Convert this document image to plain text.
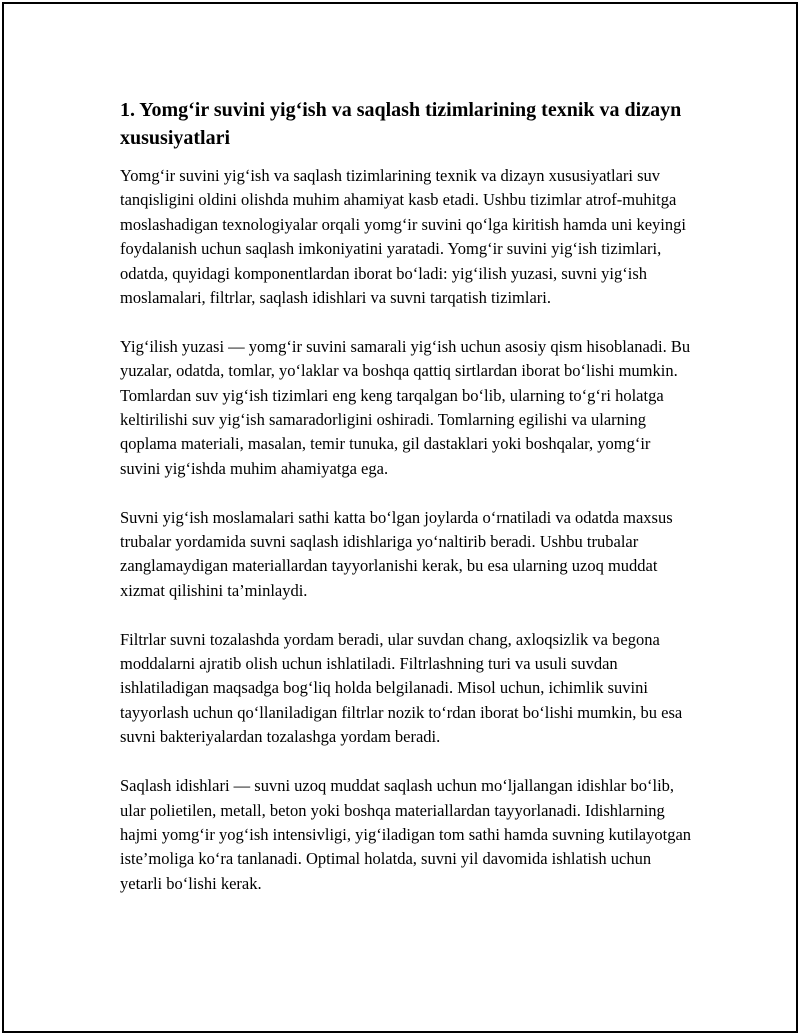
1. Yomg‘ir suvini yig‘ish va saqlash tizimlarining texnik va dizayn xususiyatlari

Yomg‘ir suvini yig‘ish va saqlash tizimlarining texnik va dizayn xususiyatlari suv tanqisligini oldini olishda muhim ahamiyat kasb etadi. Ushbu tizimlar atrof-muhitga moslashadigan texnologiyalar orqali yomg‘ir suvini qo‘lga kiritish hamda uni keyingi foydalanish uchun saqlash imkoniyatini yaratadi. Yomg‘ir suvini yig‘ish tizimlari, odatda, quyidagi komponentlardan iborat bo‘ladi: yig‘ilish yuzasi, suvni yig‘ish moslamalari, filtrlar, saqlash idishlari va suvni tarqatish tizimlari.

Yig‘ilish yuzasi — yomg‘ir suvini samarali yig‘ish uchun asosiy qism hisoblanadi. Bu yuzalar, odatda, tomlar, yo‘laklar va boshqa qattiq sirtlardan iborat bo‘lishi mumkin. Tomlardan suv yig‘ish tizimlari eng keng tarqalgan bo‘lib, ularning to‘g‘ri holatga keltirilishi suv yig‘ish samaradorligini oshiradi. Tomlarning egilishi va ularning qoplama materiali, masalan, temir tunuka, gil dastaklari yoki boshqalar, yomg‘ir suvini yig‘ishda muhim ahamiyatga ega.

Suvni yig‘ish moslamalari sathi katta bo‘lgan joylarda o‘rnatiladi va odatda maxsus trubalar yordamida suvni saqlash idishlariga yo‘naltirib beradi. Ushbu trubalar zanglamaydigan materiallardan tayyorlanishi kerak, bu esa ularning uzoq muddat xizmat qilishini ta’minlaydi.

Filtrlar suvni tozalashda yordam beradi, ular suvdan chang, axloqsizlik va begona moddalarni ajratib olish uchun ishlatiladi. Filtrlashning turi va usuli suvdan ishlatiladigan maqsadga bog‘liq holda belgilanadi. Misol uchun, ichimlik suvini tayyorlash uchun qo‘llaniladigan filtrlar nozik to‘rdan iborat bo‘lishi mumkin, bu esa suvni bakteriyalardan tozalashga yordam beradi.

Saqlash idishlari — suvni uzoq muddat saqlash uchun mo‘ljallangan idishlar bo‘lib, ular polietilen, metall, beton yoki boshqa materiallardan tayyorlanadi. Idishlarning hajmi yomg‘ir yog‘ish intensivligi, yig‘iladigan tom sathi hamda suvning kutilayotgan iste’moliga ko‘ra tanlanadi. Optimal holatda, suvni yil davomida ishlatish uchun yetarli bo‘lishi kerak.
